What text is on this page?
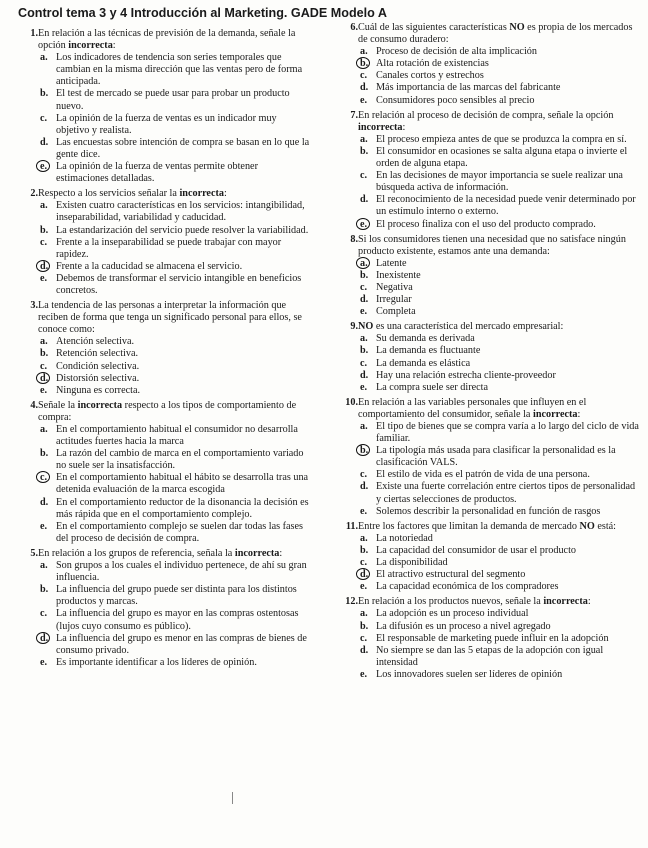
Control tema 3 y 4 Introducción al Marketing. GADE Modelo A
1. En relación a las técnicas de previsión de la demanda, señale la opción incorrecta:
a. Los indicadores de tendencia son series temporales que cambian en la misma dirección que las ventas pero de forma anticipada.
b. El test de mercado se puede usar para probar un producto nuevo.
c. La opinión de la fuerza de ventas es un indicador muy objetivo y realista.
d. Las encuestas sobre intención de compra se basan en lo que la gente dice.
e. La opinión de la fuerza de ventas permite obtener estimaciones detalladas.
2. Respecto a los servicios señalar la incorrecta:
a. Existen cuatro características en los servicios: intangibilidad, inseparabilidad, variabilidad y caducidad.
b. La estandarización del servicio puede resolver la variabilidad.
c. Frente a la inseparabilidad se puede trabajar con mayor rapidez.
d. Frente a la caducidad se almacena el servicio.
e. Debemos de transformar el servicio intangible en beneficios concretos.
3. La tendencia de las personas a interpretar la información que reciben de forma que tenga un significado personal para ellos, se conoce como:
a. Atención selectiva.
b. Retención selectiva.
c. Condición selectiva.
d. Distorsión selectiva.
e. Ninguna es correcta.
4. Señale la incorrecta respecto a los tipos de comportamiento de compra:
a. En el comportamiento habitual el consumidor no desarrolla actitudes fuertes hacia la marca
b. La razón del cambio de marca en el comportamiento variado no suele ser la insatisfacción.
c. En el comportamiento habitual el hábito se desarrolla tras una detenida evaluación de la marca escogida
d. En el comportamiento reductor de la disonancia la decisión es más rápida que en el comportamiento complejo.
e. En el comportamiento complejo se suelen dar todas las fases del proceso de decisión de compra.
5. En relación a los grupos de referencia, señala la incorrecta:
a. Son grupos a los cuales el individuo pertenece, de ahí su gran influencia.
b. La influencia del grupo puede ser distinta para los distintos productos y marcas.
c. La influencia del grupo es mayor en las compras ostentosas (lujos cuyo consumo es público).
d. La influencia del grupo es menor en las compras de bienes de consumo privado.
e. Es importante identificar a los líderes de opinión.
6. Cuál de las siguientes características NO es propia de los mercados de consumo duradero:
a. Proceso de decisión de alta implicación
b. Alta rotación de existencias
c. Canales cortos y estrechos
d. Más importancia de las marcas del fabricante
e. Consumidores poco sensibles al precio
7. En relación al proceso de decisión de compra, señale la opción incorrecta:
a. El proceso empieza antes de que se produzca la compra en sí.
b. El consumidor en ocasiones se salta alguna etapa o invierte el orden de alguna etapa.
c. En las decisiones de mayor importancia se suele realizar una búsqueda activa de información.
d. El reconocimiento de la necesidad puede venir determinado por un estímulo interno o externo.
e. El proceso finaliza con el uso del producto comprado.
8. Si los consumidores tienen una necesidad que no satisface ningún producto existente, estamos ante una demanda:
a. Latente
b. Inexistente
c. Negativa
d. Irregular
e. Completa
9. NO es una característica del mercado empresarial:
a. Su demanda es derivada
b. La demanda es fluctuante
c. La demanda es elástica
d. Hay una relación estrecha cliente-proveedor
e. La compra suele ser directa
10. En relación a las variables personales que influyen en el comportamiento del consumidor, señale la incorrecta:
a. El tipo de bienes que se compra varía a lo largo del ciclo de vida familiar.
b. La tipología más usada para clasificar la personalidad es la clasificación VALS.
c. El estilo de vida es el patrón de vida de una persona.
d. Existe una fuerte correlación entre ciertos tipos de personalidad y ciertas selecciones de productos.
e. Solemos describir la personalidad en función de rasgos
11. Entre los factores que limitan la demanda de mercado NO está:
a. La notoriedad
b. La capacidad del consumidor de usar el producto
c. La disponibilidad
d. El atractivo estructural del segmento
e. La capacidad económica de los compradores
12. En relación a los productos nuevos, señale la incorrecta:
a. La adopción es un proceso individual
b. La difusión es un proceso a nivel agregado
c. El responsable de marketing puede influir en la adopción
d. No siempre se dan las 5 etapas de la adopción con igual intensidad
e. Los innovadores suelen ser líderes de opinión
